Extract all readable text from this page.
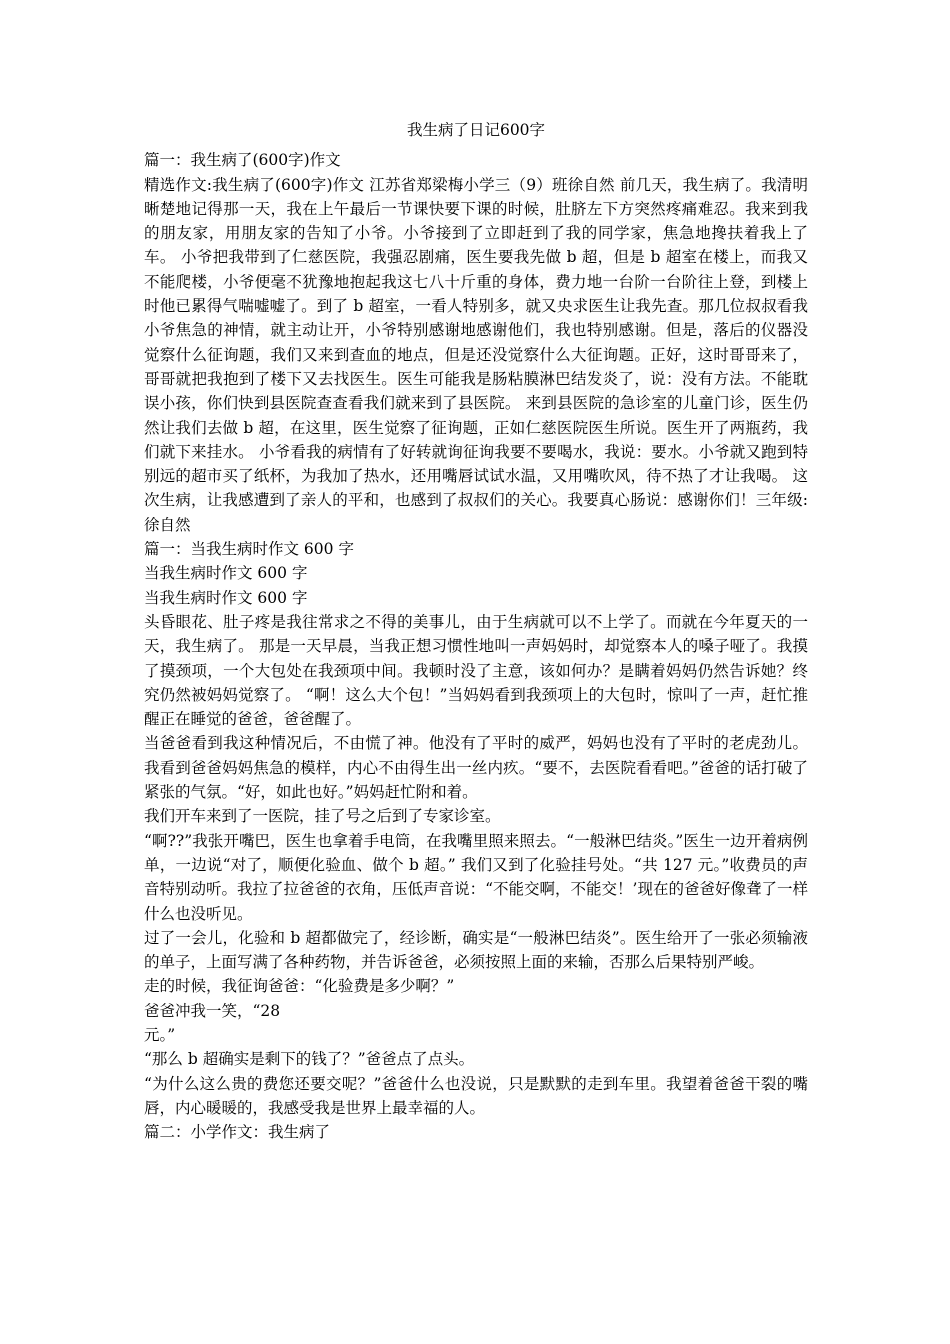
我生病了日记600字
篇一：我生病了(600字)作文
精选作文:我生病了(600字)作文 江苏省郑梁梅小学三（9）班徐自然 前几天，我生病了。我清明晰楚地记得那一天，我在上午最后一节课快要下课的时候，肚脐左下方突然疼痛难忍。我来到我的朋友家，用朋友家的告知了小爷。小爷接到了立即赶到了我的同学家，焦急地搀扶着我上了车。 小爷把我带到了仁慈医院，我强忍剧痛，医生要我先做 b 超，但是 b 超室在楼上，而我又不能爬楼，小爷便毫不犹豫地抱起我这七八十斤重的身体，费力地一台阶一台阶往上登，到楼上时他已累得气喘嘘嘘了。到了 b 超室，一看人特别多，就又央求医生让我先查。那几位叔叔看我小爷焦急的神情，就主动让开，小爷特别感谢地感谢他们，我也特别感谢。但是，落后的仪器没觉察什么征询题，我们又来到查血的地点，但是还没觉察什么大征询题。正好，这时哥哥来了，哥哥就把我抱到了楼下又去找医生。医生可能我是肠粘膜淋巴结发炎了，说：没有方法。不能耽误小孩，你们快到县医院查查看我们就来到了县医院。 来到县医院的急诊室的儿童门诊，医生仍然让我们去做 b 超，在这里，医生觉察了征询题，正如仁慈医院医生所说。医生开了两瓶药，我们就下来挂水。 小爷看我的病情有了好转就询征询我要不要喝水，我说：要水。小爷就又跑到特别远的超市买了纸杯，为我加了热水，还用嘴唇试试水温，又用嘴吹风，待不热了才让我喝。 这次生病，让我感遭到了亲人的平和，也感到了叔叔们的关心。我要真心肠说：感谢你们！三年级:徐自然
篇一：当我生病时作文 600 字
当我生病时作文 600 字
当我生病时作文 600 字
头昏眼花、肚子疼是我往常求之不得的美事儿，由于生病就可以不上学了。而就在今年夏天的一天，我生病了。 那是一天早晨，当我正想习惯性地叫一声妈妈时，却觉察本人的嗓子哑了。我摸了摸颈项，一个大包处在我颈项中间。我顿时没了主意，该如何办？是瞒着妈妈仍然告诉她？终究仍然被妈妈觉察了。 “啊！这么大个包！”当妈妈看到我颈项上的大包时，惊叫了一声，赶忙推醒正在睡觉的爸爸，爸爸醒了。
当爸爸看到我这种情况后，不由慌了神。他没有了平时的威严，妈妈也没有了平时的老虎劲儿。我看到爸爸妈妈焦急的模样，内心不由得生出一丝内疚。“要不，去医院看看吧。”爸爸的话打破了紧张的气氛。“好，如此也好。”妈妈赶忙附和着。
我们开车来到了一医院，挂了号之后到了专家诊室。
“啊??”我张开嘴巴，医生也拿着手电筒，在我嘴里照来照去。“一般淋巴结炎。”医生一边开着病例单，一边说“对了，顺便化验血、做个 b 超。” 我们又到了化验挂号处。“共 127 元。”收费员的声音特别动听。我拉了拉爸爸的衣角，压低声音说：“不能交啊，不能交！’现在的爸爸好像聋了一样什么也没听见。
过了一会儿，化验和 b 超都做完了，经诊断，确实是“一般淋巴结炎”。医生给开了一张必须输液的单子，上面写满了各种药物，并告诉爸爸，必须按照上面的来输，否那么后果特别严峻。
走的时候，我征询爸爸：“化验费是多少啊？”
爸爸冲我一笑，“28
元。”
“那么 b 超确实是剩下的钱了？”爸爸点了点头。
“为什么这么贵的费您还要交呢？”爸爸什么也没说，只是默默的走到车里。我望着爸爸干裂的嘴唇，内心暖暖的，我感受我是世界上最幸福的人。
篇二：小学作文：我生病了
